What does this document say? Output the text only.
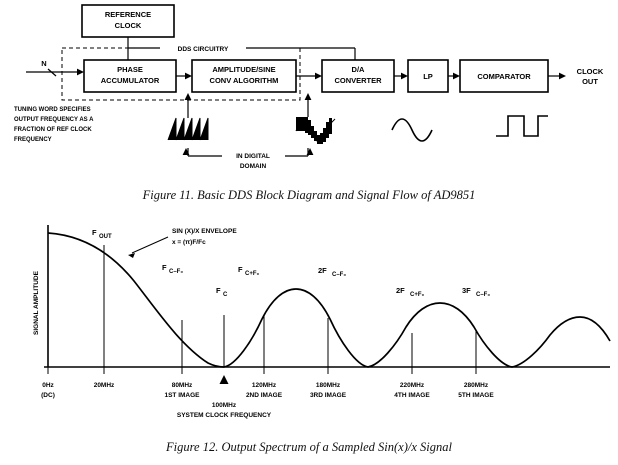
REFERENCE
CLOCK
DDS CIRCUITRY
N
PHASE
ACCUMULATOR
AMPLITUDE/SINE
CONV ALGORITHM
D/A
CONVERTER	LP	COMPARATOR
CLOCK
OUT
TUNING WORD SPECIFIES
OUTPUT FREQUENCY AS A
FRACTION OF REF CLOCK
FREQUENCY
IN DIGITAL
DOMAIN
Figure 11. Basic DDS Block Diagram and Signal Flow of AD9851
SIGNAL AMPLITUDE
F OUT
F C–F₀
F C
F C+F₀	2F C–F₀
2F C+F₀	3F C–F₀
SIN (X)/X ENVELOPE
x = (π)F/Fᴄ
0Hz
(DC)
20MHz	80MHz
1ST IMAGE
100MHz
SYSTEM CLOCK FREQUENCY
120MHz
2ND IMAGE
180MHz
3RD IMAGE
220MHz
4TH IMAGE
280MHz
5TH IMAGE
Figure 12. Output Spectrum of a Sampled Sin(x)/x Signal
